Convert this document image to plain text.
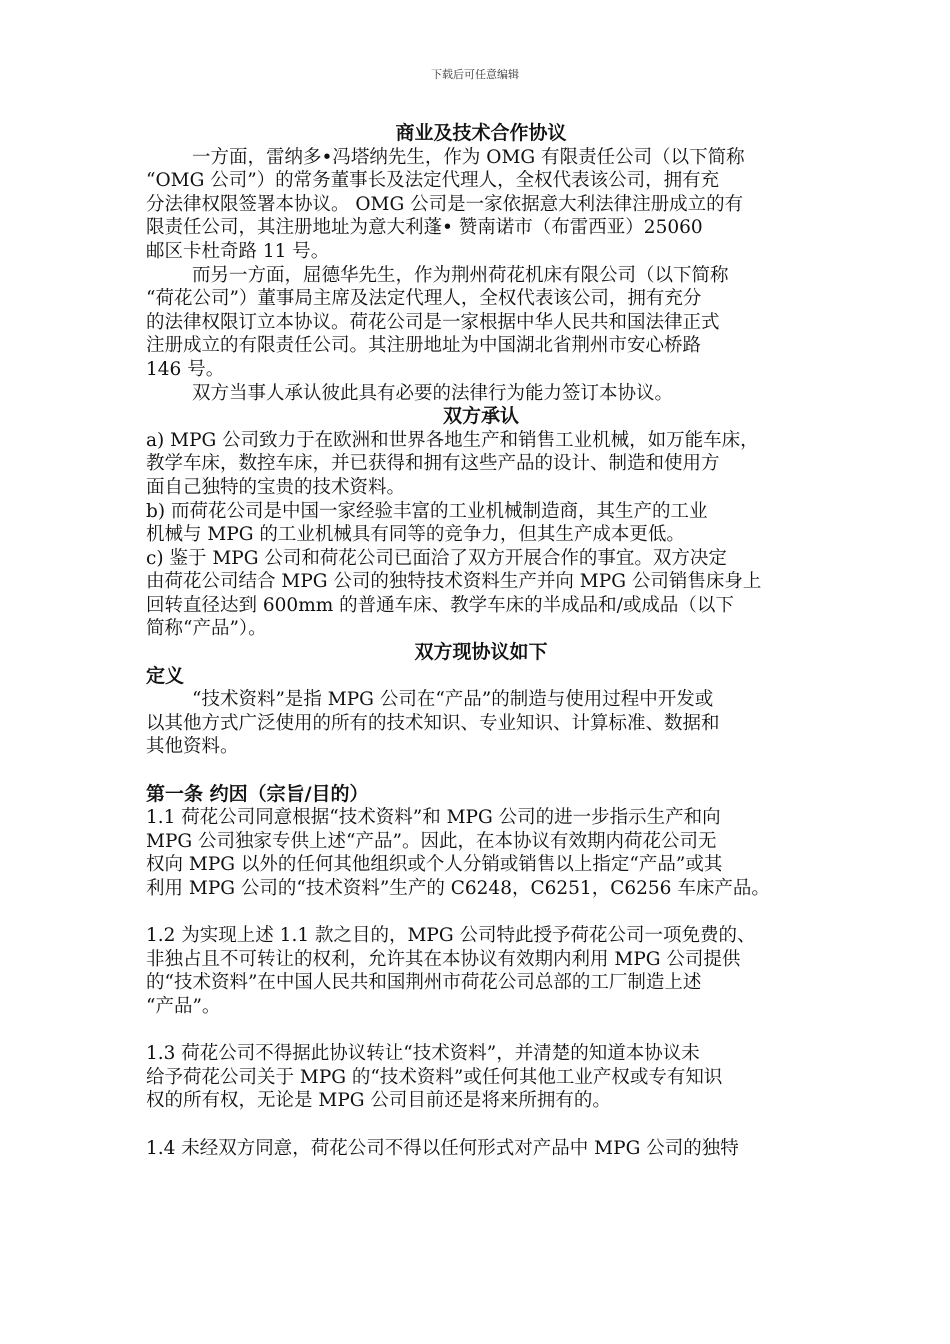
下载后可任意编辑
商业及技术合作协议
一方面，雷纳多•冯塔纳先生，作为 OMG 有限责任公司（以下简称
“OMG 公司”）的常务董事长及法定代理人，全权代表该公司，拥有充
分法律权限签署本协议。 OMG 公司是一家依据意大利法律注册成立的有
限责任公司，其注册地址为意大利蓬• 赞南诺市（布雷西亚）25060
邮区卡杜奇路 11 号。
而另一方面，屈德华先生，作为荆州荷花机床有限公司（以下简称
“荷花公司”）董事局主席及法定代理人，全权代表该公司，拥有充分
的法律权限订立本协议。荷花公司是一家根据中华人民共和国法律正式
注册成立的有限责任公司。其注册地址为中国湖北省荆州市安心桥路
146 号。
双方当事人承认彼此具有必要的法律行为能力签订本协议。
双方承认
a) MPG 公司致力于在欧洲和世界各地生产和销售工业机械，如万能车床，
教学车床，数控车床，并已获得和拥有这些产品的设计、制造和使用方
面自己独特的宝贵的技术资料。
b) 而荷花公司是中国一家经验丰富的工业机械制造商，其生产的工业
机械与 MPG 的工业机械具有同等的竞争力，但其生产成本更低。
c) 鉴于 MPG 公司和荷花公司已面洽了双方开展合作的事宜。双方决定
由荷花公司结合 MPG 公司的独特技术资料生产并向 MPG 公司销售床身上
回转直径达到 600mm 的普通车床、教学车床的半成品和/或成品（以下
简称“产品”）。
双方现协议如下
定义
“技术资料”是指 MPG 公司在“产品”的制造与使用过程中开发或
以其他方式广泛使用的所有的技术知识、专业知识、计算标准、数据和
其他资料。
第一条 约因（宗旨/目的）
1.1 荷花公司同意根据“技术资料”和 MPG 公司的进一步指示生产和向
MPG 公司独家专供上述“产品”。因此，在本协议有效期内荷花公司无
权向 MPG 以外的任何其他组织或个人分销或销售以上指定“产品”或其
利用 MPG 公司的“技术资料”生产的 C6248，C6251，C6256 车床产品。
1.2 为实现上述 1.1 款之目的，MPG 公司特此授予荷花公司一项免费的、
非独占且不可转让的权利，允许其在本协议有效期内利用 MPG 公司提供
的“技术资料”在中国人民共和国荆州市荷花公司总部的工厂制造上述
“产品”。
1.3 荷花公司不得据此协议转让“技术资料”，并清楚的知道本协议未
给予荷花公司关于 MPG 的“技术资料”或任何其他工业产权或专有知识
权的所有权，无论是 MPG 公司目前还是将来所拥有的。
1.4 未经双方同意，荷花公司不得以任何形式对产品中 MPG 公司的独特
